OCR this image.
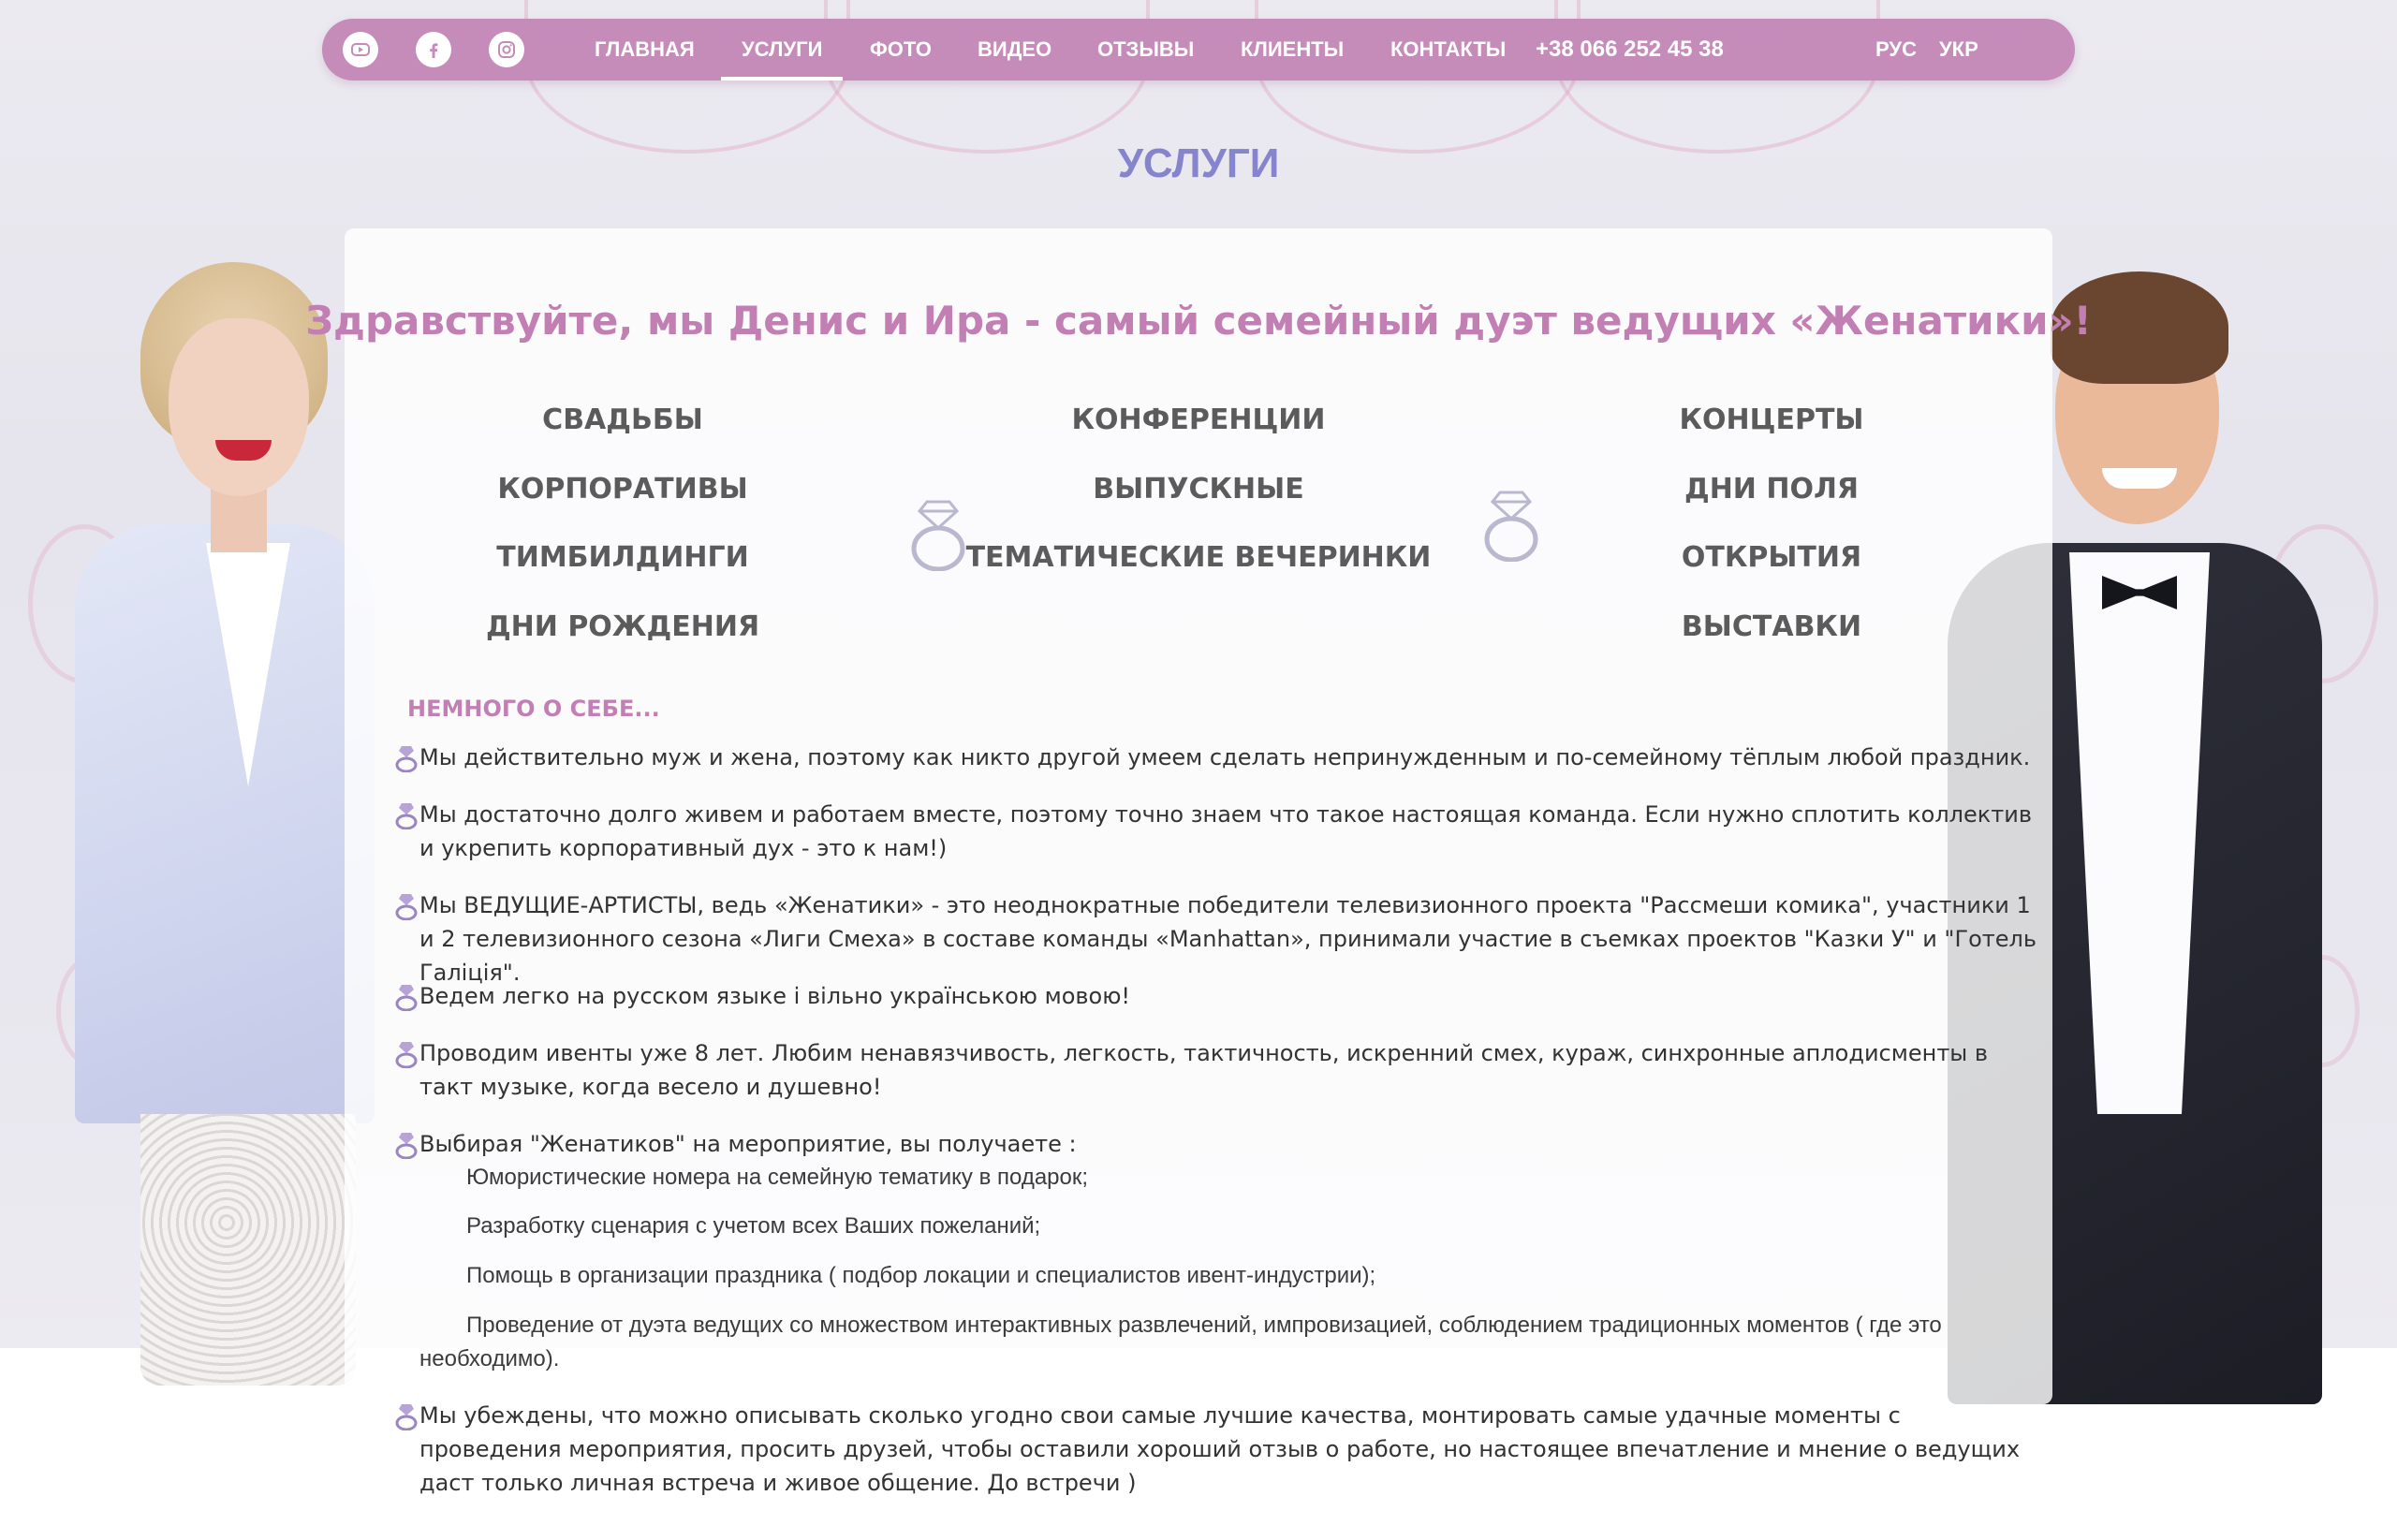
ГЛАВНАЯ УСЛУГИ ФОТО ВИДЕО ОТЗЫВЫ КЛИЕНТЫ КОНТАКТЫ +38 066 252 45 38	РУС УКР
УСЛУГИ
Здравствуйте, мы Денис и Ира - самый семейный дуэт ведущих «Женатики»!
СВАДЬБЫ
КОРПОРАТИВЫ
ТИМБИЛДИНГИ
ДНИ РОЖДЕНИЯ
КОНФЕРЕНЦИИ
ВЫПУСКНЫЕ
ТЕМАТИЧЕСКИЕ ВЕЧЕРИНКИ
КОНЦЕРТЫ
ДНИ ПОЛЯ
ОТКРЫТИЯ
ВЫСТАВКИ
НЕМНОГО О СЕБЕ...
Мы действительно муж и жена, поэтому как никто другой умеем сделать непринужденным и по-семейному тёплым любой праздник.
Мы достаточно долго живем и работаем вместе, поэтому точно знаем что такое настоящая команда. Если нужно сплотить коллектив и укрепить корпоративный дух - это к нам!)
Мы ВЕДУЩИЕ-АРТИСТЫ, ведь «Женатики» - это неоднократные победители телевизионного проекта "Рассмеши комика", участники 1 и 2 телевизионного сезона «Лиги Смеха» в составе команды «Manhattan», принимали участие в съемках проектов "Казки У" и "Готель Галіція".
Ведем легко на русском языке і вільно українською мовою!
Проводим ивенты уже 8 лет. Любим ненавязчивость, легкость, тактичность, искренний смех, кураж, синхронные аплодисменты в такт музыке, когда весело и душевно!
Выбирая "Женатиков" на мероприятие, вы получаете :
Юмористические номера на семейную тематику в подарок;
Разработку сценария с учетом всех Ваших пожеланий;
Помощь в организации праздника ( подбор локации и специалистов ивент-индустрии);
Проведение от дуэта ведущих со множеством интерактивных развлечений, импровизацией, соблюдением традиционных моментов ( где это необходимо).
Мы убеждены, что можно описывать сколько угодно свои самые лучшие качества, монтировать самые удачные моменты с проведения мероприятия, просить друзей, чтобы оставили хороший отзыв о работе, но настоящее впечатление и мнение о ведущих даст только личная встреча и живое общение. До встречи )
